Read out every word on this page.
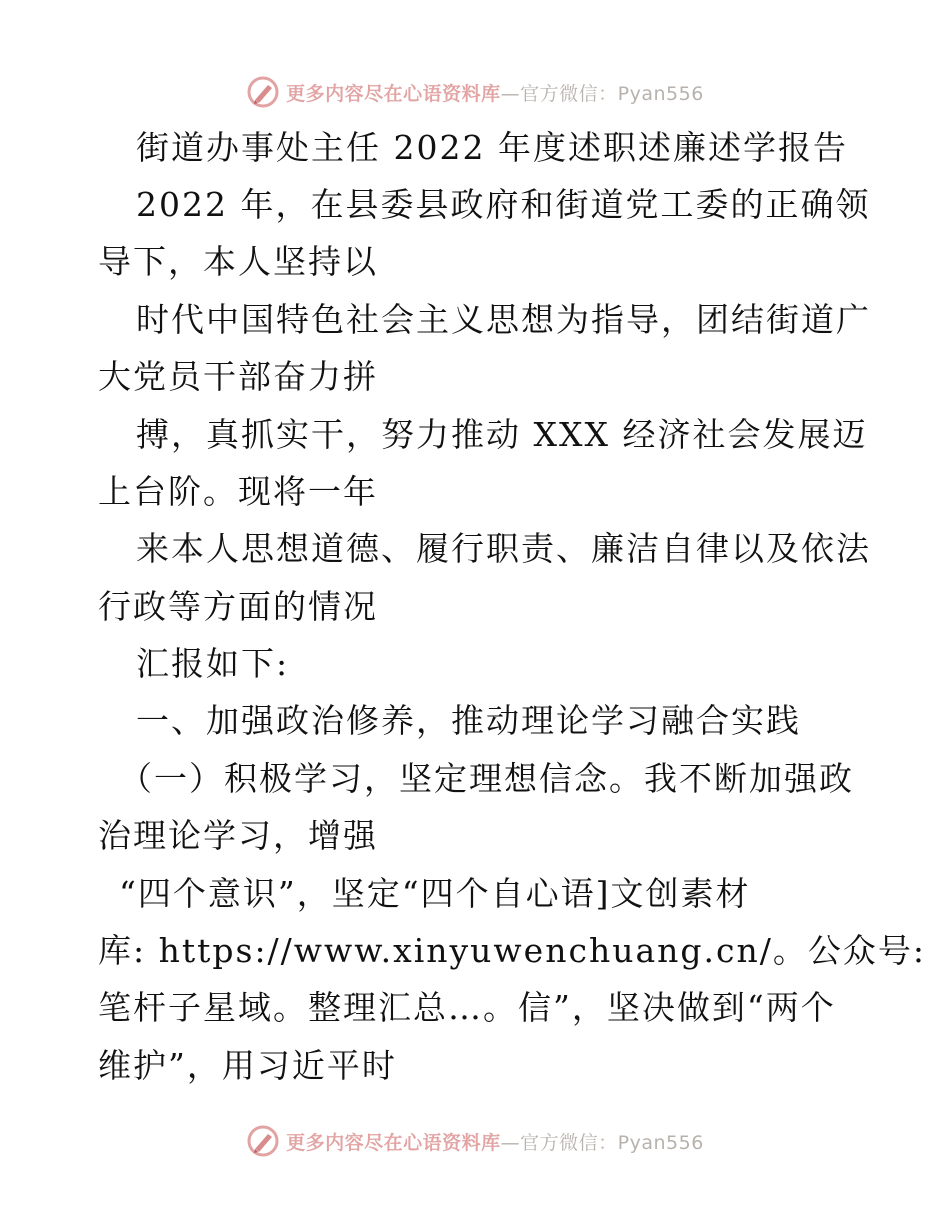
更多内容尽在心语资料库—官方微信：Pyan556
街道办事处主任 2022 年度述职述廉述学报告
2022 年，在县委县政府和街道党工委的正确领
导下，本人坚持以
时代中国特色社会主义思想为指导，团结街道广
大党员干部奋力拼
搏，真抓实干，努力推动 XXX 经济社会发展迈
上台阶。现将一年
来本人思想道德、履行职责、廉洁自律以及依法
行政等方面的情况
汇报如下:
一、加强政治修养，推动理论学习融合实践
（一）积极学习，坚定理想信念。我不断加强政
治理论学习，增强
“四个意识”，坚定“四个自心语]文创素材
库: https://www.xinyuwenchuang.cn/。公众号:
笔杆子星域。整理汇总…。信”，坚决做到“两个
维护”，用习近平时
更多内容尽在心语资料库—官方微信：Pyan556
